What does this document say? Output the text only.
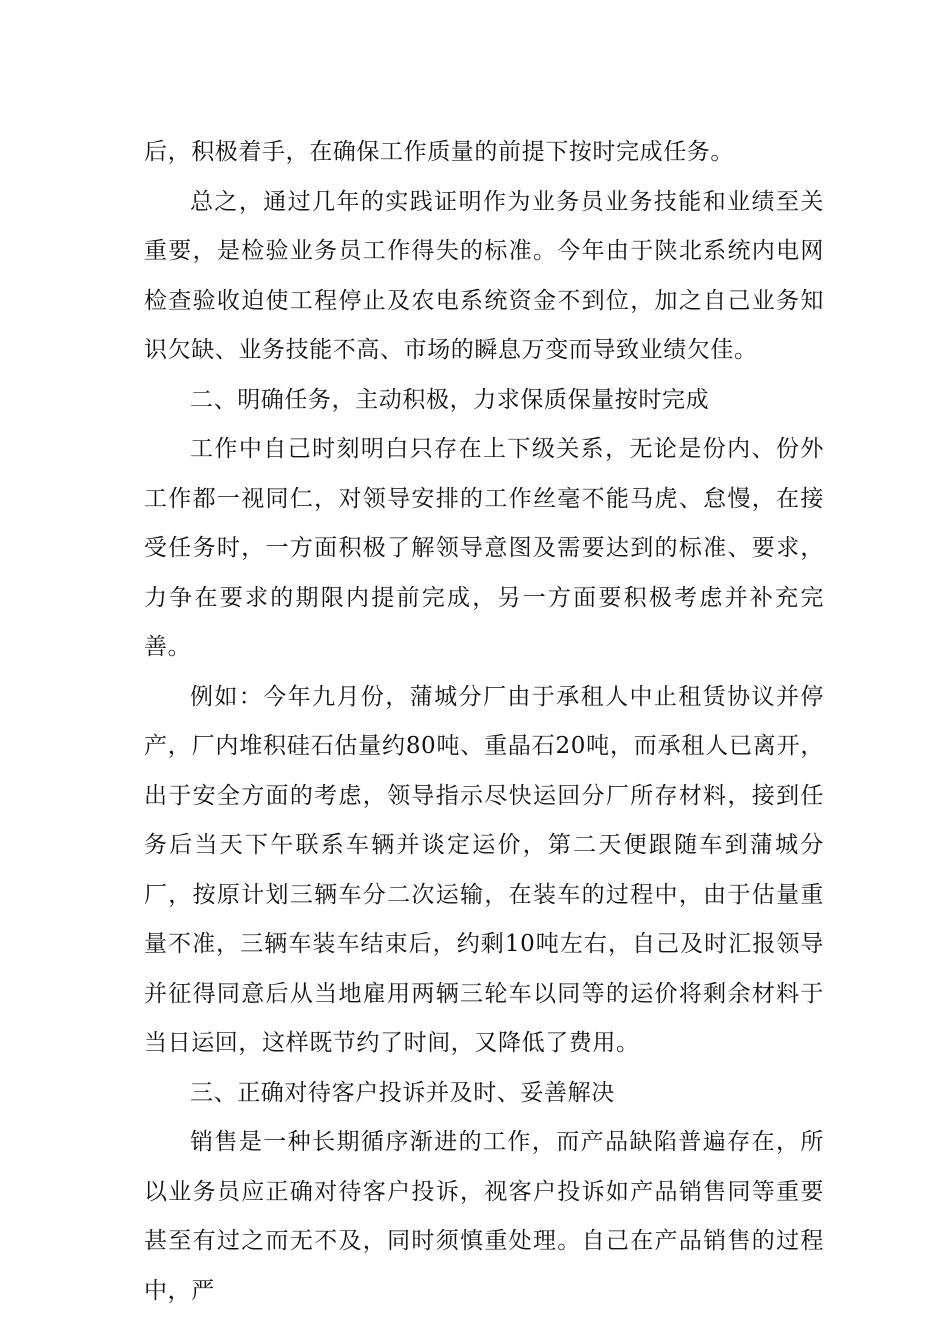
后，积极着手，在确保工作质量的前提下按时完成任务。

总之，通过几年的实践证明作为业务员业务技能和业绩至关重要，是检验业务员工作得失的标准。今年由于陕北系统内电网检查验收迫使工程停止及农电系统资金不到位，加之自己业务知识欠缺、业务技能不高、市场的瞬息万变而导致业绩欠佳。

二、明确任务，主动积极，力求保质保量按时完成

工作中自己时刻明白只存在上下级关系，无论是份内、份外工作都一视同仁，对领导安排的工作丝毫不能马虎、怠慢，在接受任务时，一方面积极了解领导意图及需要达到的标准、要求，力争在要求的期限内提前完成，另一方面要积极考虑并补充完善。

例如：今年九月份，蒲城分厂由于承租人中止租赁协议并停产，厂内堆积硅石估量约80吨、重晶石20吨，而承租人已离开，出于安全方面的考虑，领导指示尽快运回分厂所存材料，接到任务后当天下午联系车辆并谈定运价，第二天便跟随车到蒲城分厂，按原计划三辆车分二次运输，在装车的过程中，由于估量重量不准，三辆车装车结束后，约剩10吨左右，自己及时汇报领导并征得同意后从当地雇用两辆三轮车以同等的运价将剩余材料于当日运回，这样既节约了时间，又降低了费用。

三、正确对待客户投诉并及时、妥善解决

销售是一种长期循序渐进的工作，而产品缺陷普遍存在，所以业务员应正确对待客户投诉，视客户投诉如产品销售同等重要甚至有过之而无不及，同时须慎重处理。自己在产品销售的过程中，严
